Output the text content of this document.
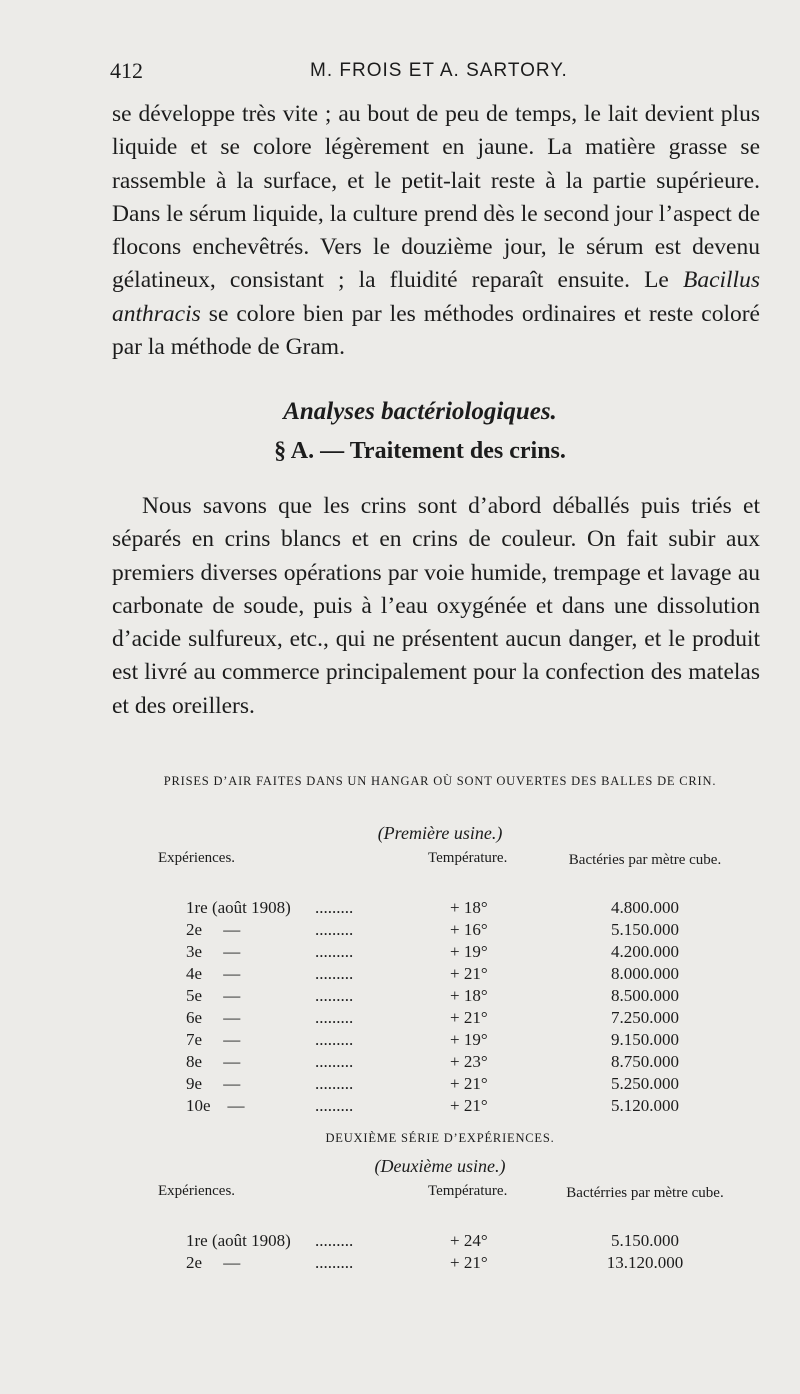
412	M. FROIS ET A. SARTORY.

se développe très vite ; au bout de peu de temps, le lait devient plus liquide et se colore légèrement en jaune. La matière grasse se rassemble à la surface, et le petit-lait reste à la partie supérieure. Dans le sérum liquide, la culture prend dès le second jour l’aspect de flocons enchevêtrés. Vers le douzième jour, le sérum est devenu gélatineux, consistant ; la fluidité reparaît ensuite. Le Bacillus anthracis se colore bien par les méthodes ordinaires et reste coloré par la méthode de Gram.

Analyses bactériologiques.
§ A. — Traitement des crins.

Nous savons que les crins sont d’abord déballés puis triés et séparés en crins blancs et en crins de couleur. On fait subir aux premiers diverses opérations par voie humide, trempage et lavage au carbonate de soude, puis à l’eau oxygénée et dans une dissolution d’acide sulfureux, etc., qui ne présentent aucun danger, et le produit est livré au commerce principalement pour la confection des matelas et des oreillers.

PRISES D’AIR FAITES DANS UN HANGAR OÙ SONT OUVERTES DES BALLES DE CRIN.
(Première usine.)
Expériences.	Température.	Bactéries par mètre cube.
1re (août 1908) .........	+ 18°	4.800.000
2e     —	.........	+ 16°	5.150.000
3e     —	.........	+ 19°	4.200.000
4e     —	.........	+ 21°	8.000.000
5e     —	.........	+ 18°	8.500.000
6e     —	.........	+ 21°	7.250.000
7e     —	.........	+ 19°	9.150.000
8e     —	.........	+ 23°	8.750.000
9e     —	.........	+ 21°	5.250.000
10e    —	.........	+ 21°	5.120.000
DEUXIÈME SÉRIE D’EXPÉRIENCES.
(Deuxième usine.)
Expériences.	Température.	Bactérries par mètre cube.
1re (août 1908) .........	+ 24°	5.150.000
2e     —	.........	+ 21°	13.120.000
